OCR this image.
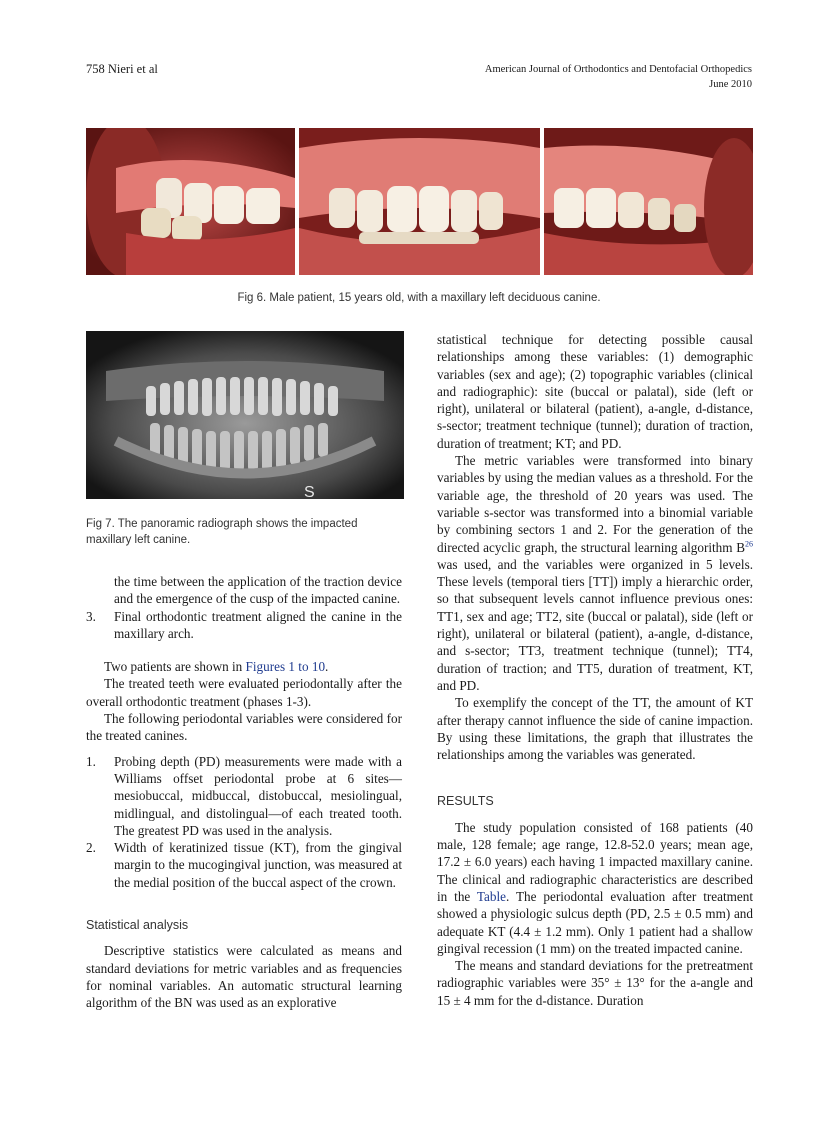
758 Nieri et al	American Journal of Orthodontics and Dentofacial Orthopedics
June 2010
Fig 6. Male patient, 15 years old, with a maxillary left deciduous canine.
S
Fig 7. The panoramic radiograph shows the impacted maxillary left canine.

the time between the application of the traction device and the emergence of the cusp of the impacted canine.

3. Final orthodontic treatment aligned the canine in the maxillary arch.

Two patients are shown in Figures 1 to 10.

The treated teeth were evaluated periodontally after the overall orthodontic treatment (phases 1-3).

The following periodontal variables were considered for the treated canines.

1. Probing depth (PD) measurements were made with a Williams offset periodontal probe at 6 sites—mesiobuccal, midbuccal, distobuccal, mesiolingual, midlingual, and distolingual—of each treated tooth. The greatest PD was used in the analysis.
2. Width of keratinized tissue (KT), from the gingival margin to the mucogingival junction, was measured at the medial position of the buccal aspect of the crown.
Statistical analysis

Descriptive statistics were calculated as means and standard deviations for metric variables and as frequencies for nominal variables. An automatic structural learning algorithm of the BN was used as an explorative

statistical technique for detecting possible causal relationships among these variables: (1) demographic variables (sex and age); (2) topographic variables (clinical and radiographic): site (buccal or palatal), side (left or right), unilateral or bilateral (patient), a-angle, d-distance, s-sector; treatment technique (tunnel); duration of traction, duration of treatment; KT; and PD.

The metric variables were transformed into binary variables by using the median values as a threshold. For the variable age, the threshold of 20 years was used. The variable s-sector was transformed into a binomial variable by combining sectors 1 and 2. For the generation of the directed acyclic graph, the structural learning algorithm $B^{26}$ was used, and the variables were organized in 5 levels. These levels (temporal tiers [TT]) imply a hierarchic order, so that subsequent levels cannot influence previous ones: TT1, sex and age; TT2, site (buccal or palatal), side (left or right), unilateral or bilateral (patient), a-angle, d-distance, and s-sector; TT3, treatment technique (tunnel); TT4, duration of traction; and TT5, duration of treatment, KT, and PD.

To exemplify the concept of the TT, the amount of KT after therapy cannot influence the side of canine impaction. By using these limitations, the graph that illustrates the relationships among the variables was generated.

RESULTS

The study population consisted of 168 patients (40 male, 128 female; age range, 12.8-52.0 years; mean age, 17.2 ± 6.0 years) each having 1 impacted maxillary canine. The clinical and radiographic characteristics are described in the Table. The periodontal evaluation after treatment showed a physiologic sulcus depth (PD, 2.5 ± 0.5 mm) and adequate KT (4.4 ± 1.2 mm). Only 1 patient had a shallow gingival recession (1 mm) on the treated impacted canine.

The means and standard deviations for the pretreatment radiographic variables were 35° ± 13° for the a-angle and 15 ± 4 mm for the d-distance. Duration
